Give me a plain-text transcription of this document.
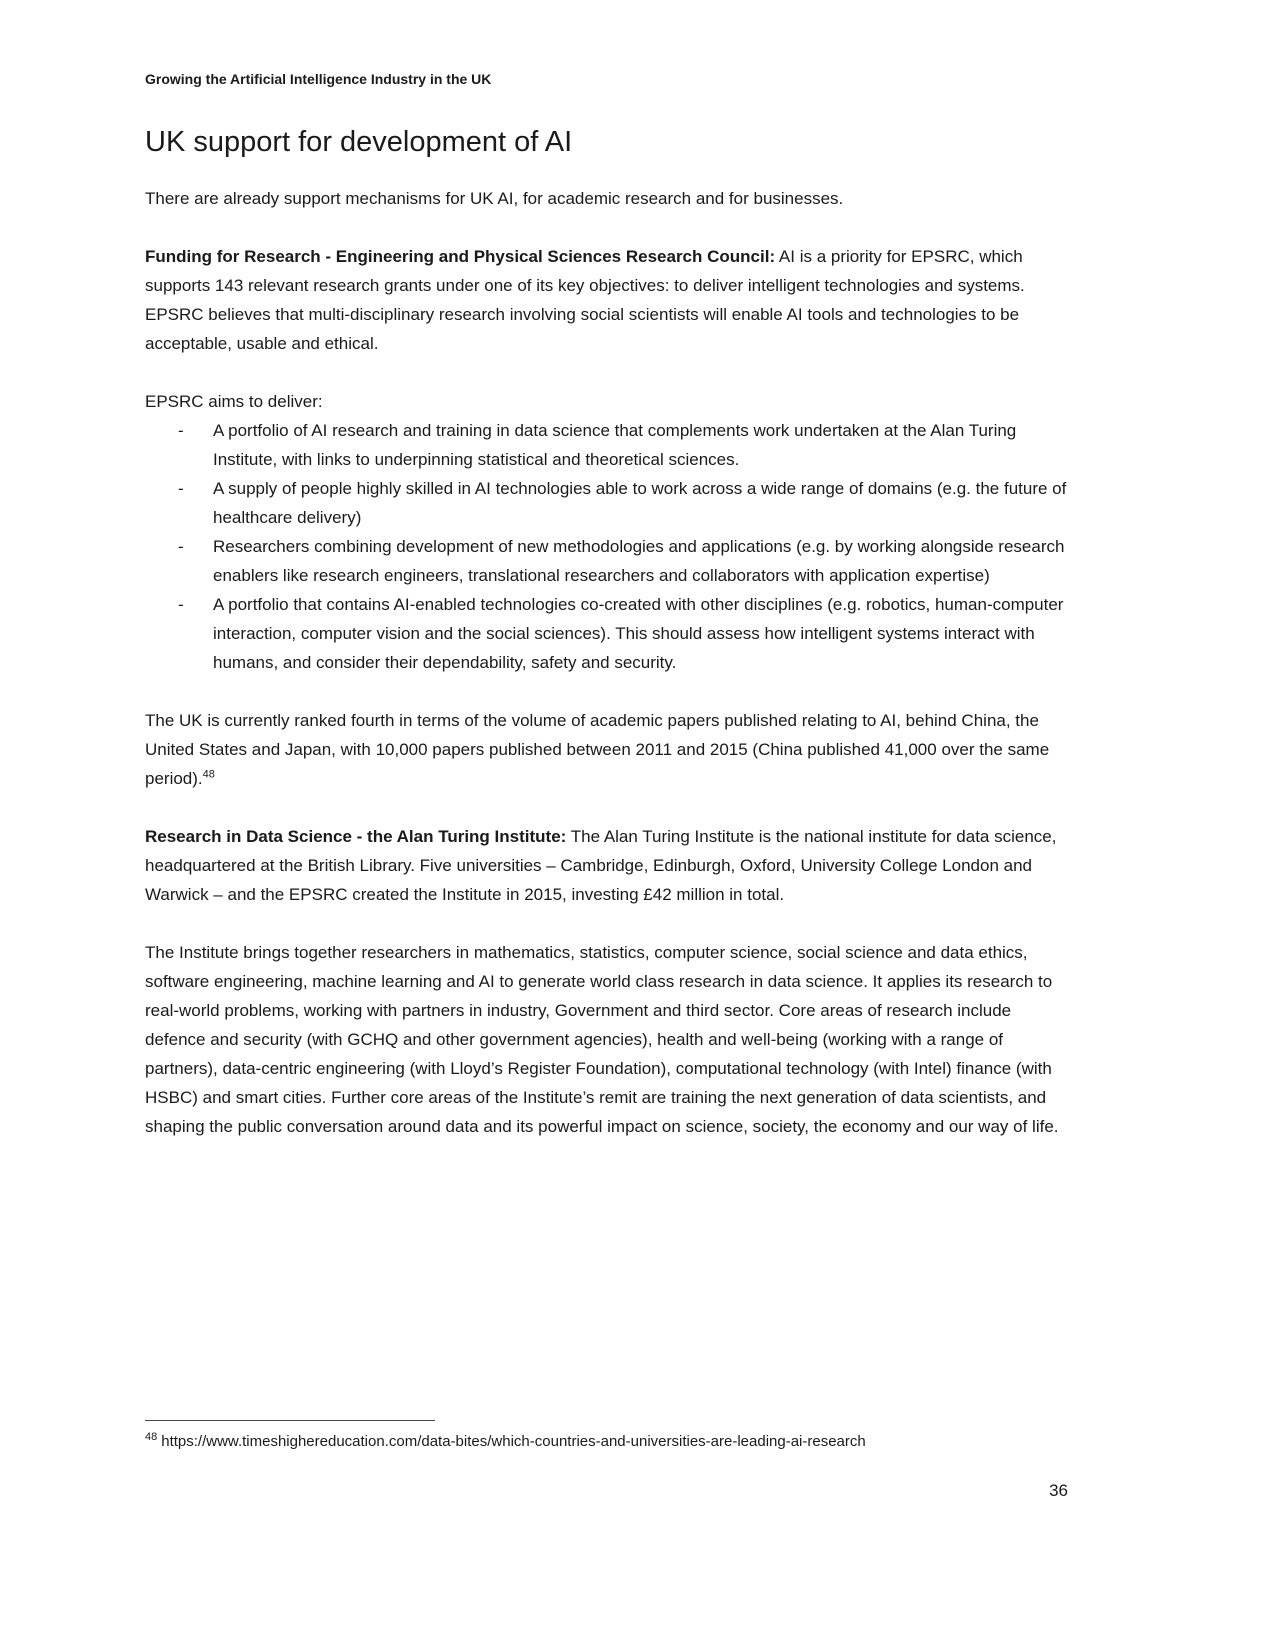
Growing the Artificial Intelligence Industry in the UK
UK support for development of AI

There are already support mechanisms for UK AI, for academic research and for businesses.

Funding for Research - Engineering and Physical Sciences Research Council: AI is a priority for EPSRC, which supports 143 relevant research grants under one of its key objectives: to deliver intelligent technologies and systems. EPSRC believes that multi-disciplinary research involving social scientists will enable AI tools and technologies to be acceptable, usable and ethical.

EPSRC aims to deliver:

-	A portfolio of AI research and training in data science that complements work undertaken at the Alan Turing Institute, with links to underpinning statistical and theoretical sciences.
-	A supply of people highly skilled in AI technologies able to work across a wide range of domains (e.g. the future of healthcare delivery)
-	Researchers combining development of new methodologies and applications (e.g. by working alongside research enablers like research engineers, translational researchers and collaborators with application expertise)
-	A portfolio that contains AI-enabled technologies co-created with other disciplines (e.g. robotics, human-computer interaction, computer vision and the social sciences). This should assess how intelligent systems interact with humans, and consider their dependability, safety and security.

The UK is currently ranked fourth in terms of the volume of academic papers published relating to AI, behind China, the United States and Japan, with 10,000 papers published between 2011 and 2015 (China published 41,000 over the same period).$^{48}$

Research in Data Science - the Alan Turing Institute: The Alan Turing Institute is the national institute for data science, headquartered at the British Library. Five universities – Cambridge, Edinburgh, Oxford, University College London and Warwick – and the EPSRC created the Institute in 2015, investing £42 million in total.

The Institute brings together researchers in mathematics, statistics, computer science, social science and data ethics, software engineering, machine learning and AI to generate world class research in data science. It applies its research to real-world problems, working with partners in industry, Government and third sector. Core areas of research include defence and security (with GCHQ and other government agencies), health and well-being (working with a range of partners), data-centric engineering (with Lloyd’s Register Foundation), computational technology (with Intel) finance (with HSBC) and smart cities. Further core areas of the Institute’s remit are training the next generation of data scientists, and shaping the public conversation around data and its powerful impact on science, society, the economy and our way of life.

$^{48}$ https://www.timeshighereducation.com/data-bites/which-countries-and-universities-are-leading-ai-research
36
